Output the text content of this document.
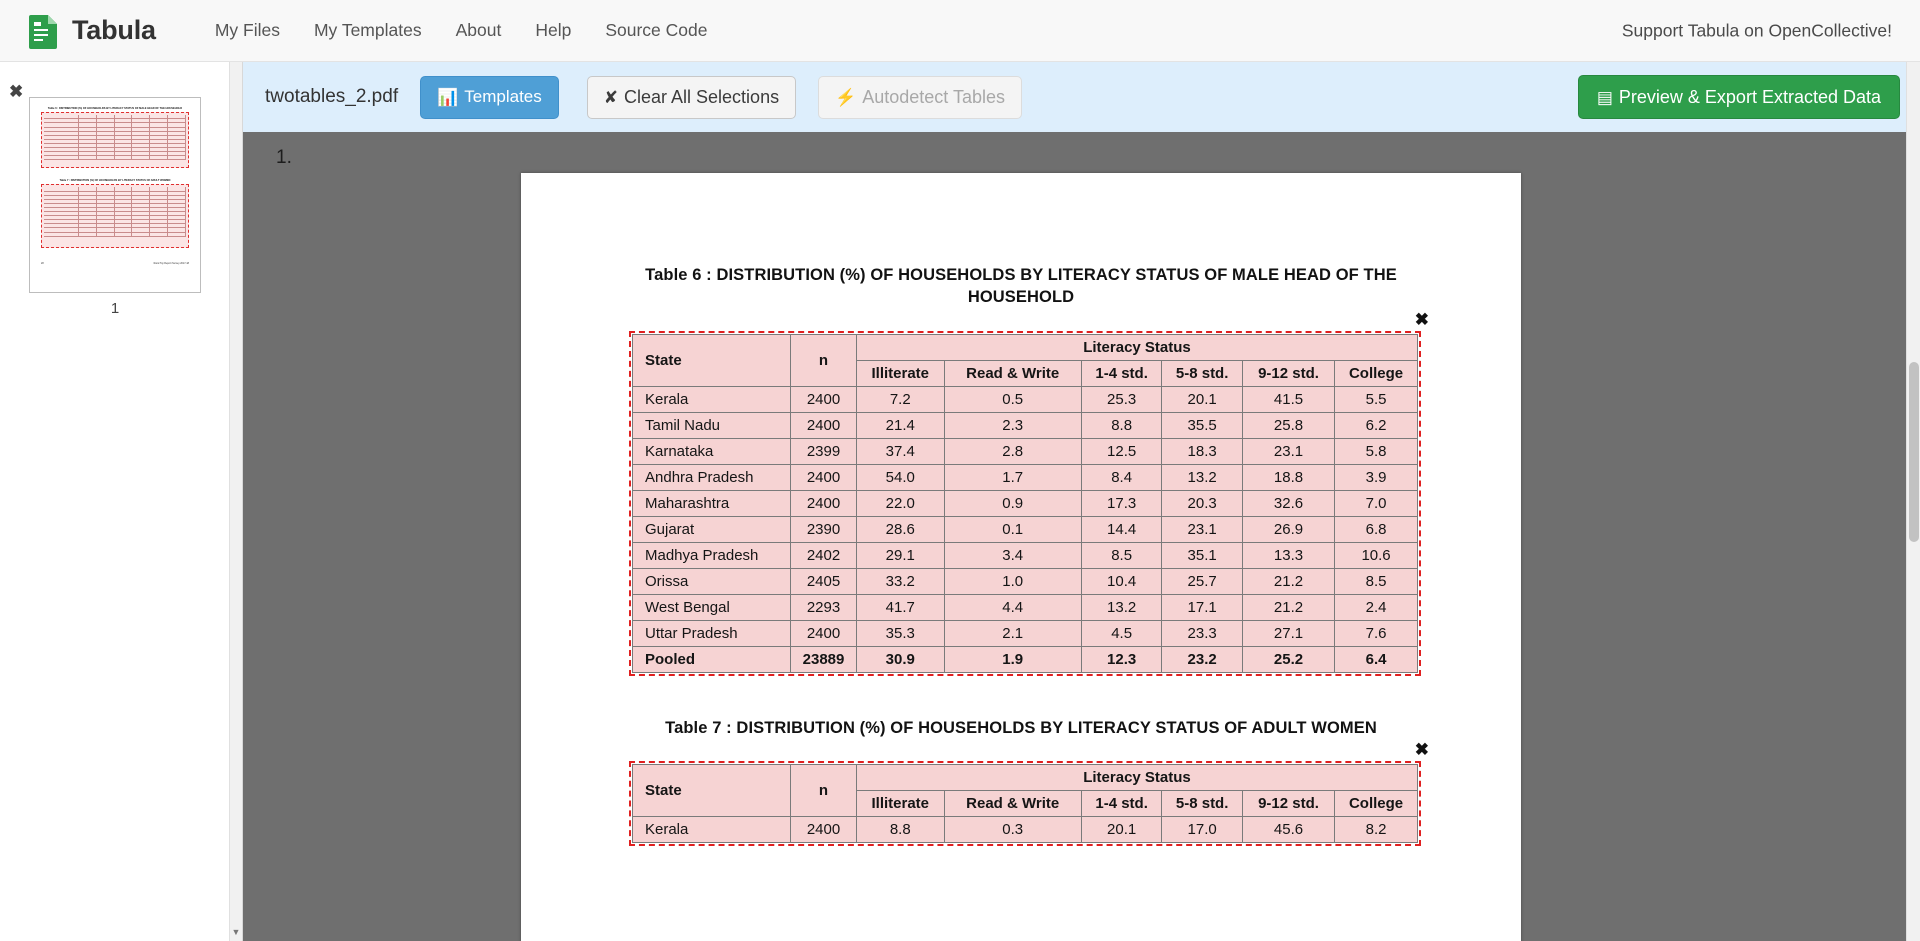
Tabula	My Files	My Templates	About	Help	Source Code	Support Tabula on OpenCollective!
✖
Table 6 : DISTRIBUTION (%) OF HOUSEHOLDS BY LITERACY STATUS OF MALE HEAD OF THE HOUSEHOLD
Table 7 : DISTRIBUTION (%) OF HOUSEHOLDS BY LITERACY STATUS OF ADULT WOMEN
28	Rural Toy Report Survey 2017-18
1
▼
twotables_2.pdf 📊 Templates	✘ Clear All Selections	⚡ Autodetect Tables	▤ Preview & Export Extracted Data
1.
Table 6 : DISTRIBUTION (%) OF HOUSEHOLDS BY LITERACY STATUS OF MALE HEAD OF THE HOUSEHOLD
✖
State	n	Literacy Status					
		Illiterate	Read & Write	1-4 std.	5-8 std.	9-12 std.	College
Kerala	2400	7.2	0.5	25.3	20.1	41.5	5.5
Tamil Nadu	2400	21.4	2.3	8.8	35.5	25.8	6.2
Karnataka	2399	37.4	2.8	12.5	18.3	23.1	5.8
Andhra Pradesh	2400	54.0	1.7	8.4	13.2	18.8	3.9
Maharashtra	2400	22.0	0.9	17.3	20.3	32.6	7.0
Gujarat	2390	28.6	0.1	14.4	23.1	26.9	6.8
Madhya Pradesh	2402	29.1	3.4	8.5	35.1	13.3	10.6
Orissa	2405	33.2	1.0	10.4	25.7	21.2	8.5
West Bengal	2293	41.7	4.4	13.2	17.1	21.2	2.4
Uttar Pradesh	2400	35.3	2.1	4.5	23.3	27.1	7.6
Pooled	23889	30.9	1.9	12.3	23.2	25.2	6.4
Table 7 : DISTRIBUTION (%) OF HOUSEHOLDS BY LITERACY STATUS OF ADULT WOMEN
✖
State	n	Literacy Status					
		Illiterate	Read & Write	1-4 std.	5-8 std.	9-12 std.	College
Kerala	2400	8.8	0.3	20.1	17.0	45.6	8.2
